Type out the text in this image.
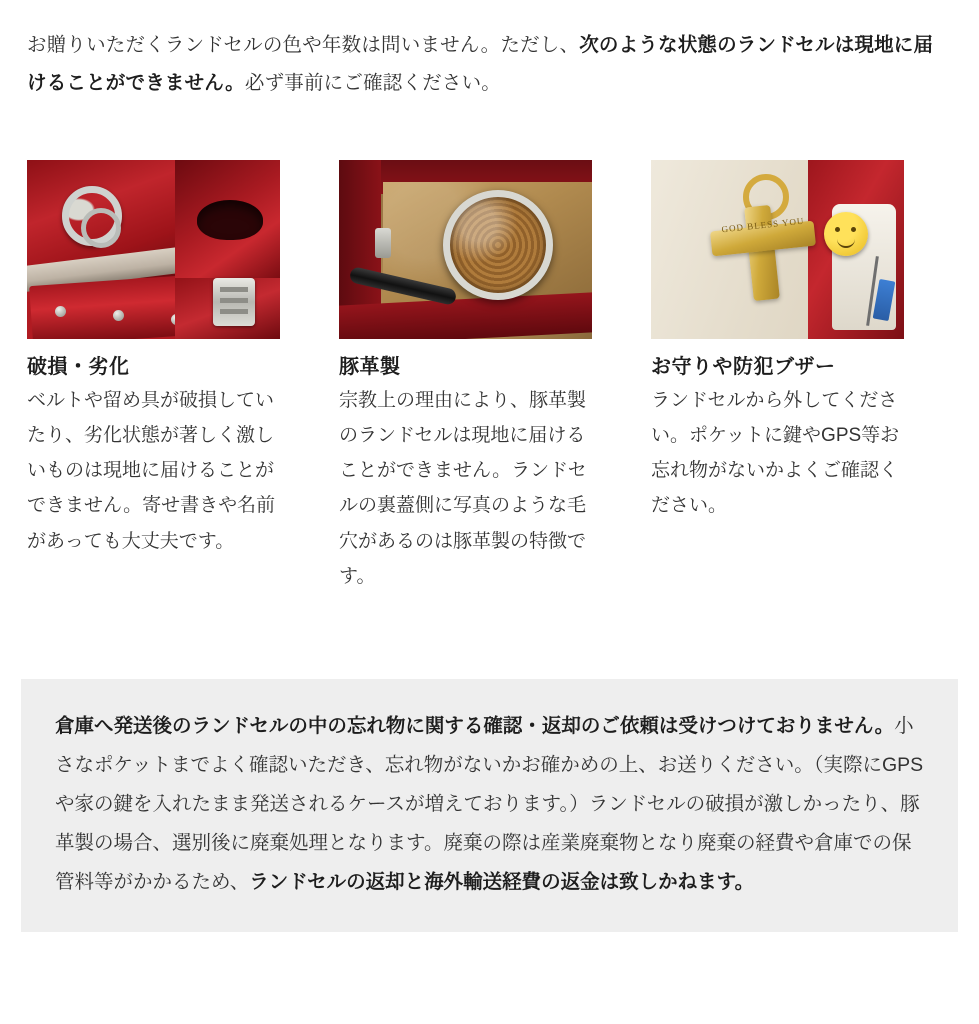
お贈りいただくランドセルの色や年数は問いません。ただし、次のような状態のランドセルは現地に届けることができません。必ず事前にご確認ください。

破損・劣化

ベルトや留め具が破損していたり、劣化状態が著しく激しいものは現地に届けることができません。寄せ書きや名前があっても大丈夫です。

豚革製

宗教上の理由により、豚革製のランドセルは現地に届けることができません。ランドセルの裏蓋側に写真のような毛穴があるのは豚革製の特徴です。

GOD BLESS YOU
お守りや防犯ブザー

ランドセルから外してください。ポケットに鍵やGPS等お忘れ物がないかよくご確認ください。

倉庫へ発送後のランドセルの中の忘れ物に関する確認・返却のご依頼は受けつけておりません。小さなポケットまでよく確認いただき、忘れ物がないかお確かめの上、お送りください。（実際にGPSや家の鍵を入れたまま発送されるケースが増えております。）ランドセルの破損が激しかったり、豚革製の場合、選別後に廃棄処理となります。廃棄の際は産業廃棄物となり廃棄の経費や倉庫での保管料等がかかるため、ランドセルの返却と海外輸送経費の返金は致しかねます。
